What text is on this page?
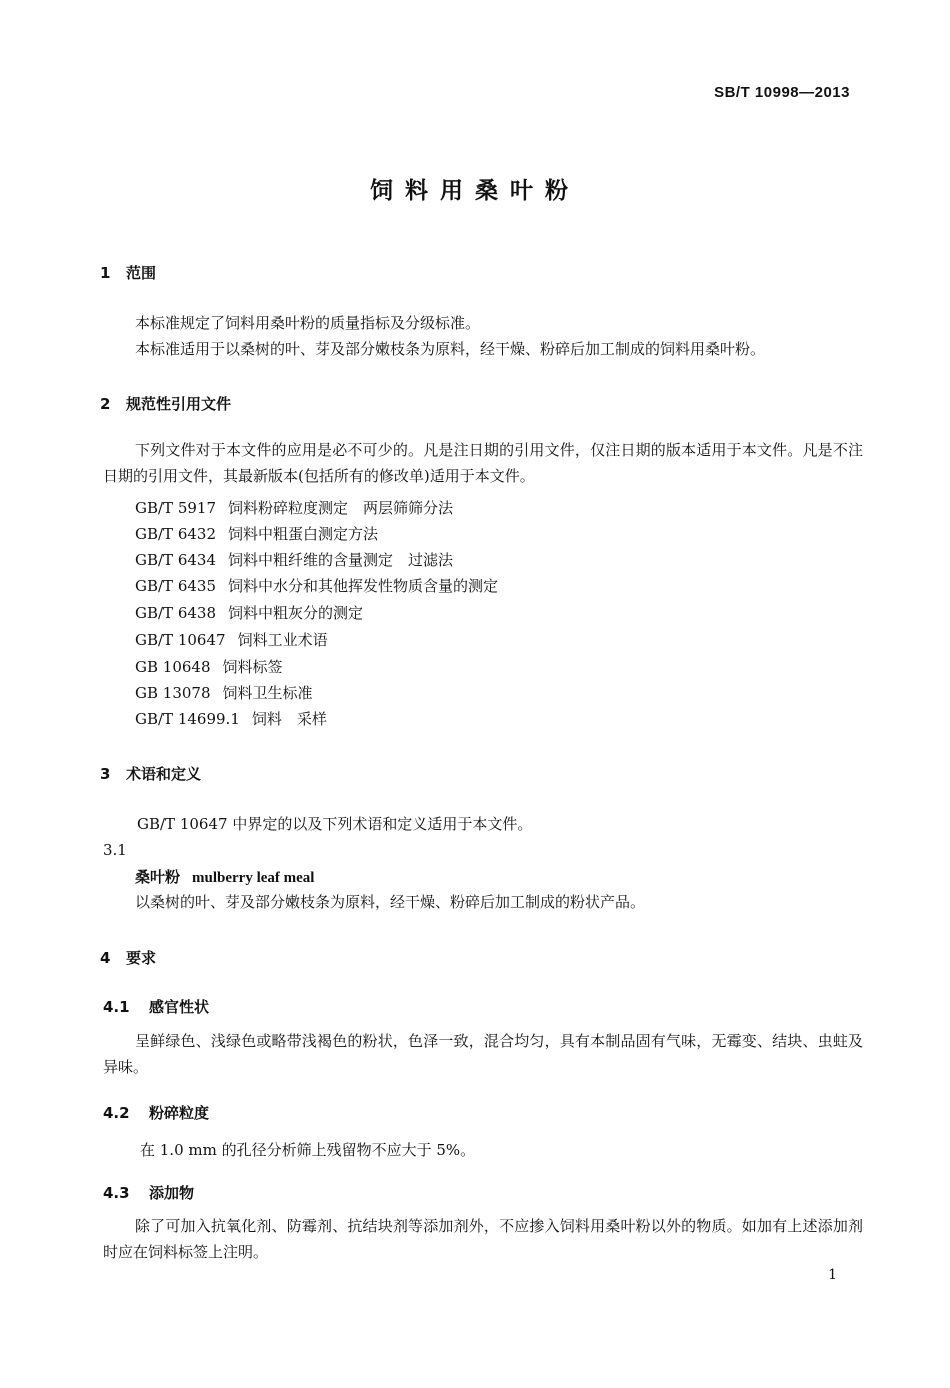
SB/T 10998—2013
饲料用桑叶粉
1 范围
本标准规定了饲料用桑叶粉的质量指标及分级标准。
本标准适用于以桑树的叶、芽及部分嫩枝条为原料，经干燥、粉碎后加工制成的饲料用桑叶粉。
2 规范性引用文件

下列文件对于本文件的应用是必不可少的。凡是注日期的引用文件，仅注日期的版本适用于本文件。凡是不注日期的引用文件，其最新版本(包括所有的修改单)适用于本文件。

GB/T 5917 饲料粉碎粒度测定　两层筛筛分法
GB/T 6432 饲料中粗蛋白测定方法
GB/T 6434 饲料中粗纤维的含量测定　过滤法
GB/T 6435 饲料中水分和其他挥发性物质含量的测定
GB/T 6438 饲料中粗灰分的测定
GB/T 10647 饲料工业术语
GB 10648 饲料标签
GB 13078 饲料卫生标准
GB/T 14699.1 饲料　采样
3 术语和定义
GB/T 10647 中界定的以及下列术语和定义适用于本文件。
3.1
桑叶粉 mulberry leaf meal
以桑树的叶、芽及部分嫩枝条为原料，经干燥、粉碎后加工制成的粉状产品。
4 要求
4.1 感官性状

呈鲜绿色、浅绿色或略带浅褐色的粉状，色泽一致，混合均匀，具有本制品固有气味，无霉变、结块、虫蛀及异味。

4.2 粉碎粒度
在 1.0 mm 的孔径分析筛上残留物不应大于 5%。
4.3 添加物

除了可加入抗氧化剂、防霉剂、抗结块剂等添加剂外，不应掺入饲料用桑叶粉以外的物质。如加有上述添加剂时应在饲料标签上注明。

1
